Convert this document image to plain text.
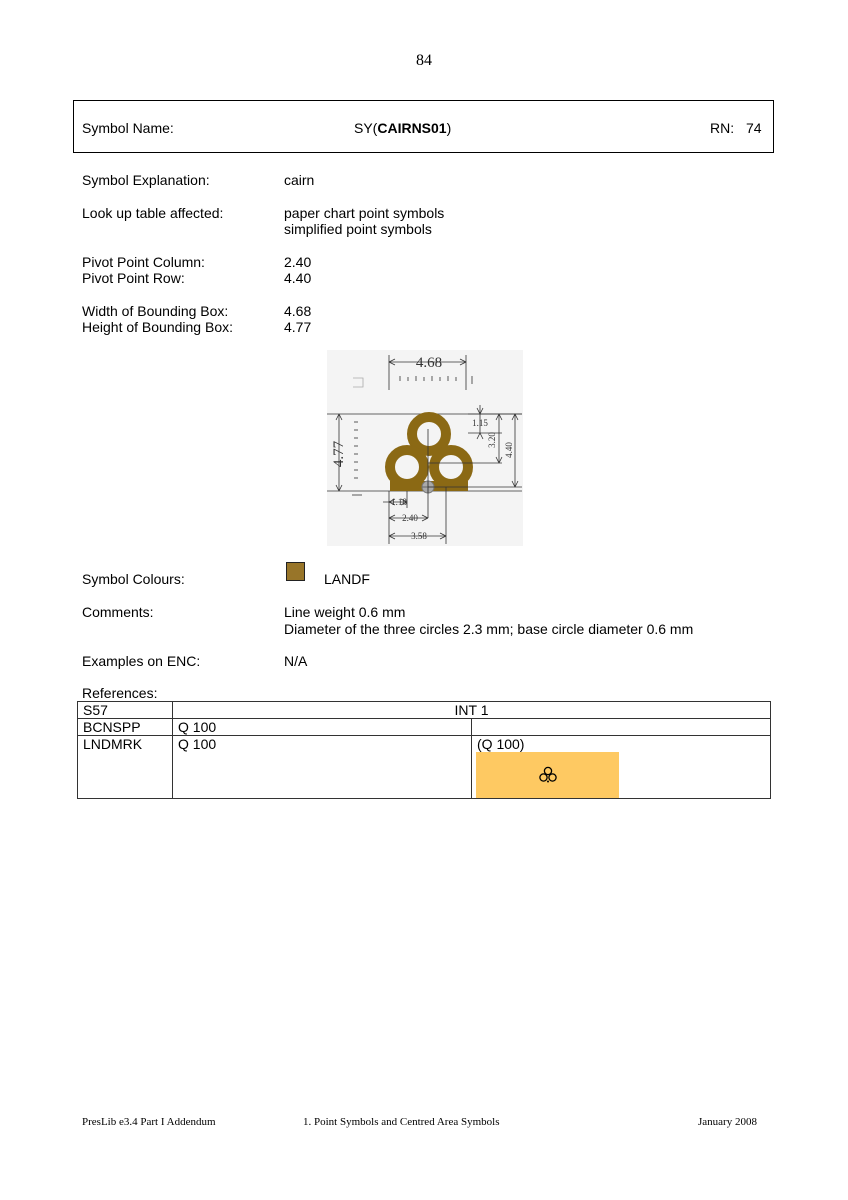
84
Symbol Name:	SY(CAIRNS01)	RN: 74
Symbol Explanation:	cairn
Look up table affected:	paper chart point symbols
simplified point symbols
Pivot Point Column:	2.40
Pivot Point Row:	4.40
Width of Bounding Box:	4.68
Height of Bounding Box:	4.77
4.68
4.77
1.15
3.20
4.40
1.18
2.40
3.58
Symbol Colours:	LANDF
Comments:	Line weight 0.6 mm
Diameter of the three circles 2.3 mm; base circle diameter 0.6 mm
Examples on ENC:	N/A
References:
S57	INT 1	
BCNSPP	Q 100	
LNDMRK	Q 100	(Q 100)
PresLib e3.4 Part I Addendum	1. Point Symbols and Centred Area Symbols	January 2008
